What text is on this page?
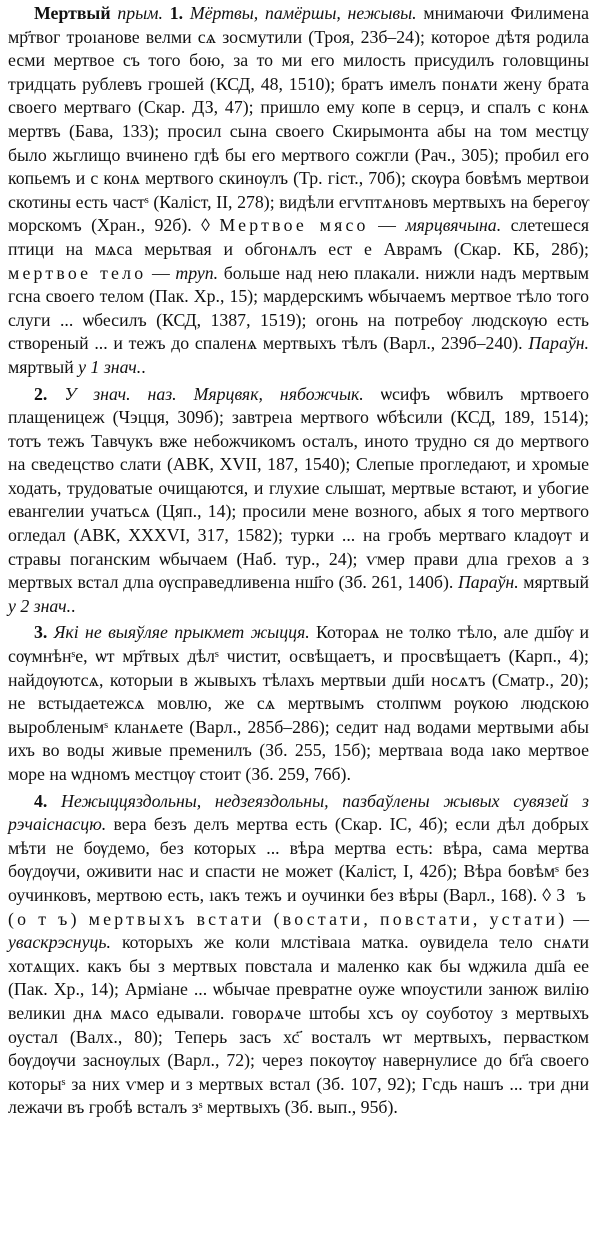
Мертвый прым. 1. Мёртвы, памёршы, нежывы. мнимаючи Филимена мр҃твог троıанове велми сѧ зосмутили (Троя, 23б–24); которое дѣтя родила есми мертвое съ того бою, за то ми его милость присудилъ головщины тридцать рублевъ грошей (КСД, 48, 1510); братъ имелъ понѧти жену брата своего мертваго (Скар. ДЗ, 47); пришло ему копе в серцэ, и спалъ с конѧ мертвъ (Бава, 133); просил сына своего Скирымонта абы на том местцу было жьглищо вчинено гдѣ бы его мертвого сожгли (Рач., 305); пробил его копьемъ и с конѧ мертвого скинѹлъ (Тр. гіст., 70б); скѹра бовѣмъ мертвои скотины есть частˢ (Калiст, II, 278); видѣли егѵптѧновъ мертвыхъ на берегѹ морскомъ (Хран., 92б). ◊ Мертвое мясо — мярцвячына. слетешеся птици на мѧса мерьтвая и обгонѧлъ ест е Аврамъ (Скар. КБ, 28б); мертвое тело — труп. больше над нею плакали. нижли надъ мертвым гсна своего телом (Пак. Хр., 15); мардерскимъ ѡбычаемъ мертвое тѣло того слуги ... ѡбесилъ (КСД, 1387, 1519); огонь на потребѹ людскѹю есть створеный ... и тежъ до спаленѧ мертвыхъ тѣлъ (Варл., 239б–240). Параўн. мяртвый у 1 знач..

2. У знач. наз. Мярцвяк, нябожчык. ѡсифъ ѡбвилъ мртвоего плащеницеж (Чэцця, 309б); завтреıа мертвого ѡбѣсили (КСД, 189, 1514); тотъ тежъ Тавчукъ вже небожчикомъ осталъ, иното трудно ся до мертвого на сведецство слати (АВК, XVII, 187, 1540); Слепые прогледают, и хромые ходать, трудоватые очищаются, и глухие слышат, мертвые встают, и убогие евангелии учатьсѧ (Цяп., 14); просили мене возного, абых я того мертвого огледал (АВК, XXXVI, 317, 1582); турки ... на гробъ мертваго кладѹт и стравы поганским ѡбычаем (Наб. тур., 24); ѵмер прави длıа грехов а з мертвых встал длıа ѹсправедливенıа нш҃го (Зб. 261, 140б). Параўн. мяртвый у 2 знач..

3. Якi не выяўляе прыкмет жыцця. Котораѧ не толко тѣло, але дш҃ѹ и сѹмнѣнˢе, ѡт мр҃твых дѣлˢ чистит, освѣщаетъ, и просвѣщаетъ (Карп., 4); найдѹютсѧ, которыи в жывыхъ тѣлахъ мертвыи дш҃и носѧтъ (Сматр., 20); не встыдаетежсѧ мовлю, же сѧ мертвымъ столпѡм рѹкою людскою выробленымˢ кланѧете (Варл., 285б–286); седит над водами мертвыми абы ихъ во воды живые пременилъ (Зб. 255, 15б); мертваıа вода ıако мертвое море на ѡдномъ местцѹ стоит (Зб. 259, 76б).

4. Нежыццяздольны, недзеяздольны, пазбаўлены жывых сувязей з рэчаіснасцю. вера безъ делъ мертва есть (Скар. ІС, 4б); если дѣл добрых мѣти не бѹдемо, без которых ... вѣра мертва есть: вѣра, сама мертва бѹдѹчи, оживити нас и спасти не может (Калiст, I, 42б); Вѣра бовѣмˢ без оучинковъ, мертвою есть, ıакъ тежъ и оучинки без вѣры (Варл., 168). ◊ З ъ (о т ъ) мертвыхъ встати (востати, повстати, устати) — уваскрэснуць. которыхъ же коли млстiваıа матка. оувидела тело снѧти хотѧщих. какъ бы з мертвых повстала и маленко как бы ѡджила дш҃а ее (Пак. Хр., 14); Арміане ... ѡбычае превратне оуже ѡпоустили занюж вилiю великиı днѧ мѧсо едывали. говорѧче штобы хсъ оу соуботоу з мертвыхъ оустал (Валх., 80); Теперь засъ хс҃ восталъ ѡт мертвыхъ, первастком бѹдѹчи заснѹлых (Варл., 72); через покѹтѹ навернулисе до бг҃а своего которыˢ за них ѵмер и з мертвых встал (Зб. 107, 92); Гсдь нашъ ... три дни лежачи въ гробѣ всталъ зˢ мертвыхъ (Зб. вып., 95б).
